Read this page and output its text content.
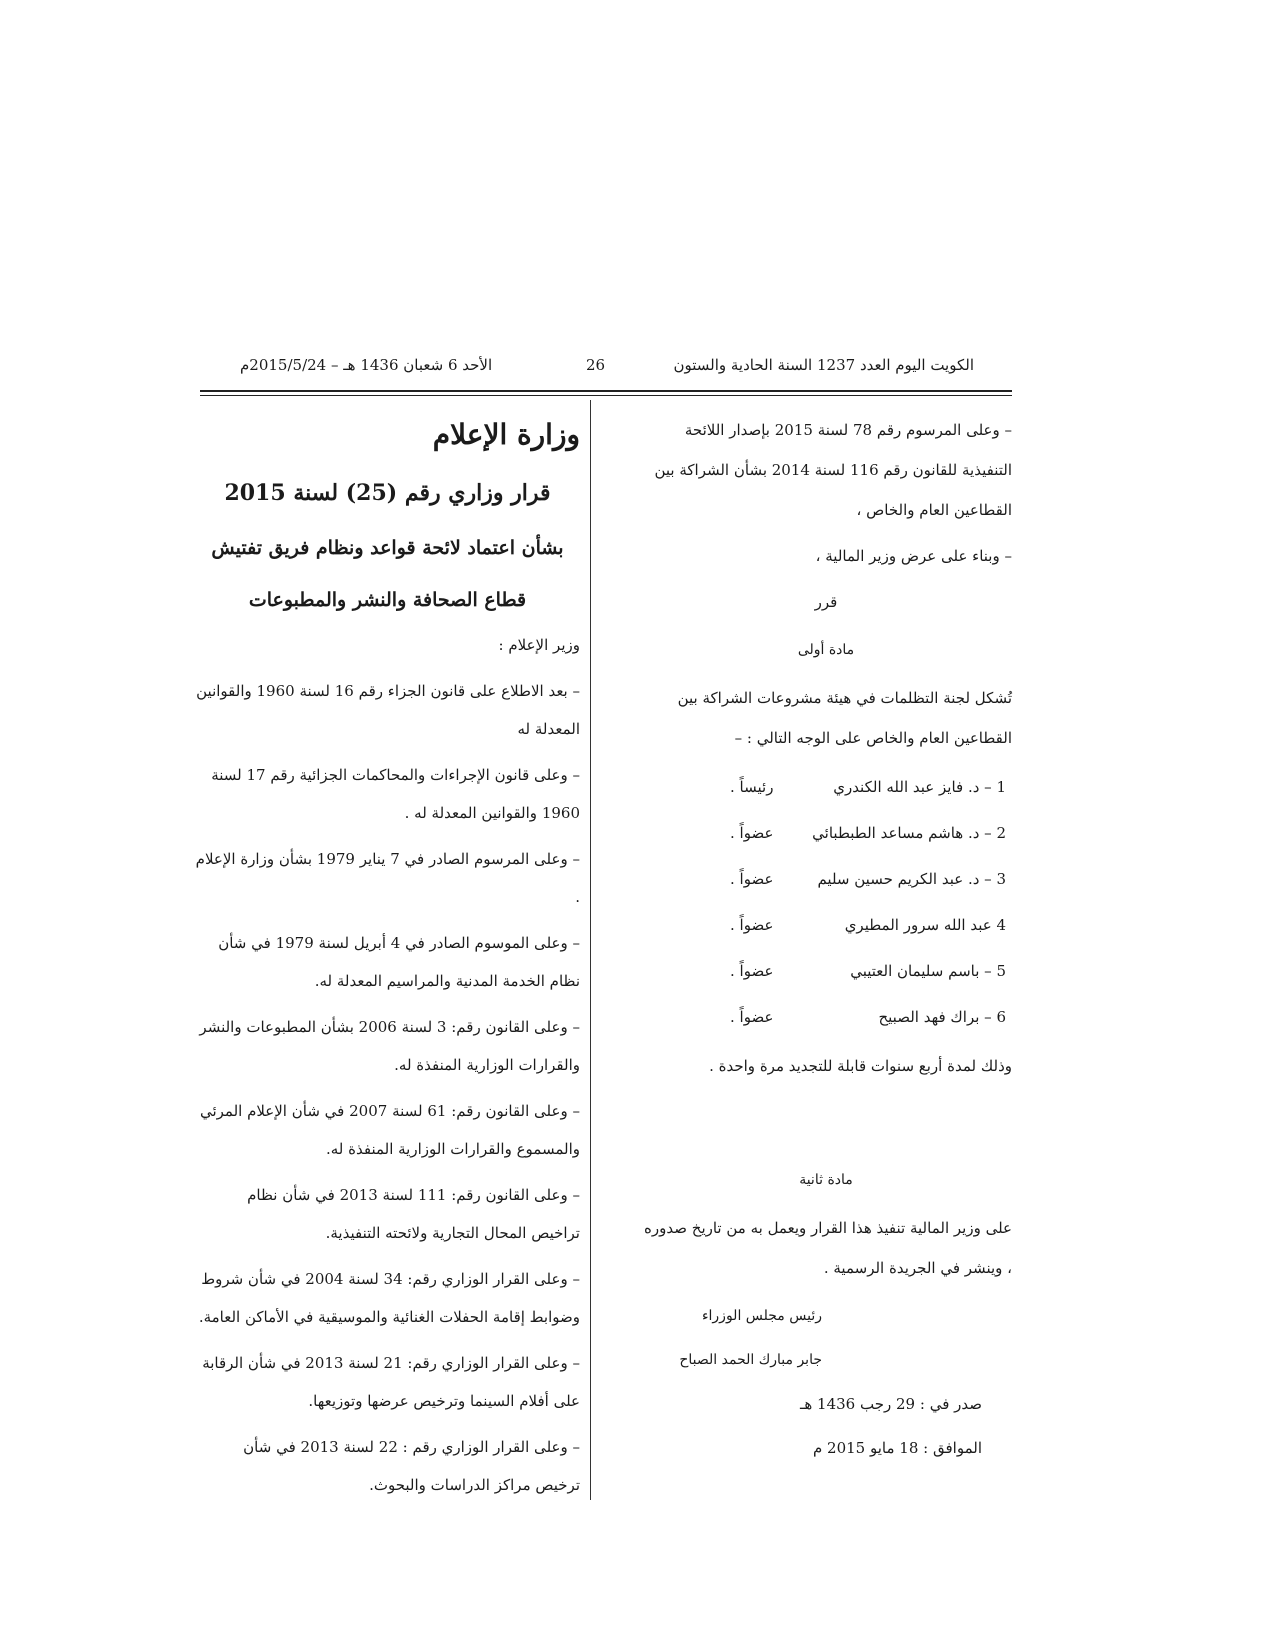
الكويت اليوم العدد 1237 السنة الحادية والستون
26
الأحد 6 شعبان 1436 هـ – 2015/5/24م

– وعلى المرسوم رقم 78 لسنة 2015 بإصدار اللائحة التنفيذية للقانون رقم 116 لسنة 2014 بشأن الشراكة بين القطاعين العام والخاص ،

– وبناء على عرض وزير المالية ،

قرر
مادة أولى

تُشكل لجنة التظلمات في هيئة مشروعات الشراكة بين القطاعين العام والخاص على الوجه التالي : –

1 – د. فايز عبد الله الكندري
رئيساً .
2 – د. هاشم مساعد الطبطبائي
عضواً .
3 – د. عبد الكريم حسين سليم
عضواً .
4 عبد الله سرور المطيري
عضواً .
5 – باسم سليمان العتيبي
عضواً .
6 – براك فهد الصبيح
عضواً .

وذلك لمدة أربع سنوات قابلة للتجديد مرة واحدة .

مادة ثانية

على وزير المالية تنفيذ هذا القرار ويعمل به من تاريخ صدوره ، وينشر في الجريدة الرسمية .

رئيس مجلس الوزراء
جابر مبارك الحمد الصباح
صدر في : 29 رجب 1436 هـ
الموافق : 18 مايو 2015 م
وزارة الإعلام
قرار وزاري رقم (25) لسنة 2015
بشأن اعتماد لائحة قواعد ونظام فريق تفتيش
قطاع الصحافة والنشر والمطبوعات

وزير الإعلام :

– بعد الاطلاع على قانون الجزاء رقم 16 لسنة 1960 والقوانين المعدلة له

– وعلى قانون الإجراءات والمحاكمات الجزائية رقم 17 لسنة 1960 والقوانين المعدلة له .

– وعلى المرسوم الصادر في 7 يناير 1979 بشأن وزارة الإعلام .

– وعلى الموسوم الصادر في 4 أبريل لسنة 1979 في شأن نظام الخدمة المدنية والمراسيم المعدلة له.

– وعلى القانون رقم: 3 لسنة 2006 بشأن المطبوعات والنشر والقرارات الوزارية المنفذة له.

– وعلى القانون رقم: 61 لسنة 2007 في شأن الإعلام المرئي والمسموع والقرارات الوزارية المنفذة له.

– وعلى القانون رقم: 111 لسنة 2013 في شأن نظام تراخيص المحال التجارية ولائحته التنفيذية.

– وعلى القرار الوزاري رقم: 34 لسنة 2004 في شأن شروط وضوابط إقامة الحفلات الغنائية والموسيقية في الأماكن العامة.

– وعلى القرار الوزاري رقم: 21 لسنة 2013 في شأن الرقابة على أفلام السينما وترخيص عرضها وتوزيعها.

– وعلى القرار الوزاري رقم : 22 لسنة 2013 في شأن ترخيص مراكز الدراسات والبحوث.
